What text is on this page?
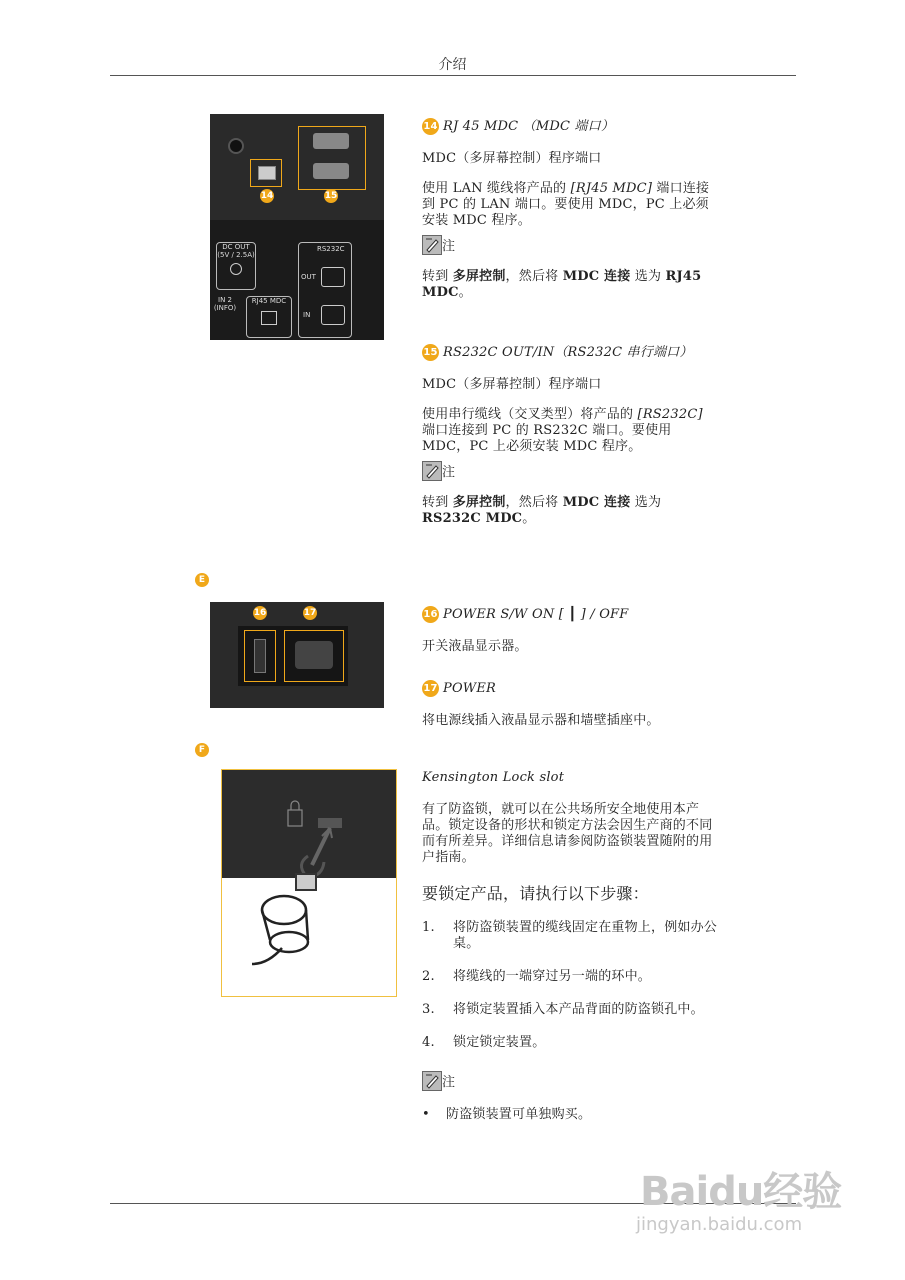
介绍
14	15
DC OUT
(5V / 2.5A)
RS232C
OUT
IN
IN 2
(INFO)
RJ45 MDC
14 RJ 45 MDC （MDC 端口）
MDC（多屏幕控制）程序端口
使用 LAN 缆线将产品的 [RJ45 MDC] 端口连接到 PC 的 LAN 端口。要使用 MDC，PC 上必须安装 MDC 程序。
注
转到 多屏控制，然后将 MDC 连接 选为 RJ45 MDC。
15 RS232C OUT/IN（RS232C 串行端口）
MDC（多屏幕控制）程序端口
使用串行缆线（交叉类型）将产品的 [RS232C] 端口连接到 PC 的 RS232C 端口。要使用 MDC，PC 上必须安装 MDC 程序。
注
转到 多屏控制，然后将 MDC 连接 选为 RS232C MDC。
E
16	17	16 POWER S/W ON [ ┃ ] / OFF
开关液晶显示器。
17 POWER
将电源线插入液晶显示器和墙壁插座中。
F
Kensington Lock slot
有了防盗锁，就可以在公共场所安全地使用本产品。锁定设备的形状和锁定方法会因生产商的不同而有所差异。详细信息请参阅防盗锁装置随附的用户指南。
要锁定产品，请执行以下步骤：
1.	将防盗锁装置的缆线固定在重物上，例如办公桌。
2.	将缆线的一端穿过另一端的环中。
3.	将锁定装置插入本产品背面的防盗锁孔中。
4.	锁定锁定装置。
注
•	防盗锁装置可单独购买。
Baidu经验
jingyan.baidu.com
